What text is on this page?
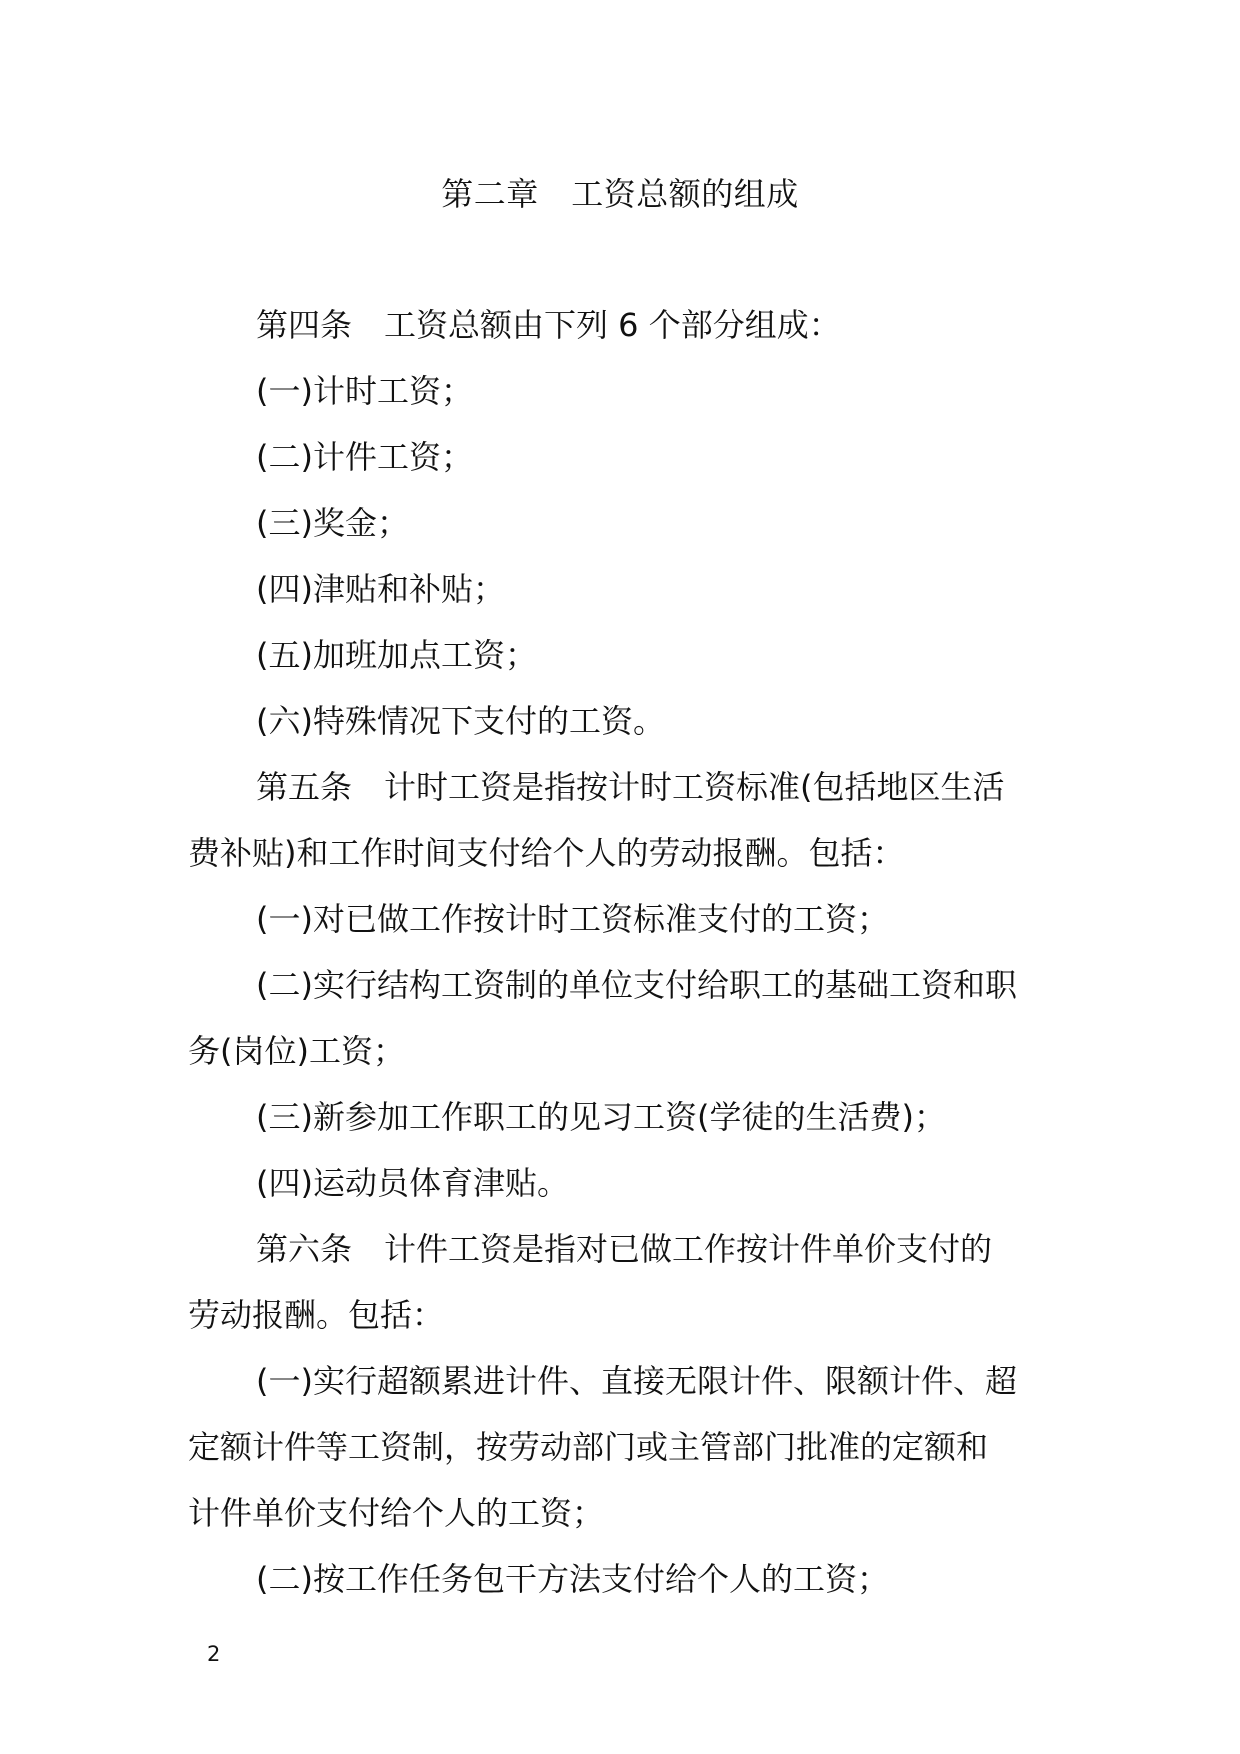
第二章　工资总额的组成

第四条　工资总额由下列 6 个部分组成：

(一)计时工资；

(二)计件工资；

(三)奖金；

(四)津贴和补贴；

(五)加班加点工资；

(六)特殊情况下支付的工资。

第五条　计时工资是指按计时工资标准(包括地区生活

费补贴)和工作时间支付给个人的劳动报酬。包括：

(一)对已做工作按计时工资标准支付的工资；

(二)实行结构工资制的单位支付给职工的基础工资和职

务(岗位)工资；

(三)新参加工作职工的见习工资(学徒的生活费)；

(四)运动员体育津贴。

第六条　计件工资是指对已做工作按计件单价支付的

劳动报酬。包括：

(一)实行超额累进计件、直接无限计件、限额计件、超

定额计件等工资制，按劳动部门或主管部门批准的定额和

计件单价支付给个人的工资；

(二)按工作任务包干方法支付给个人的工资；

2
